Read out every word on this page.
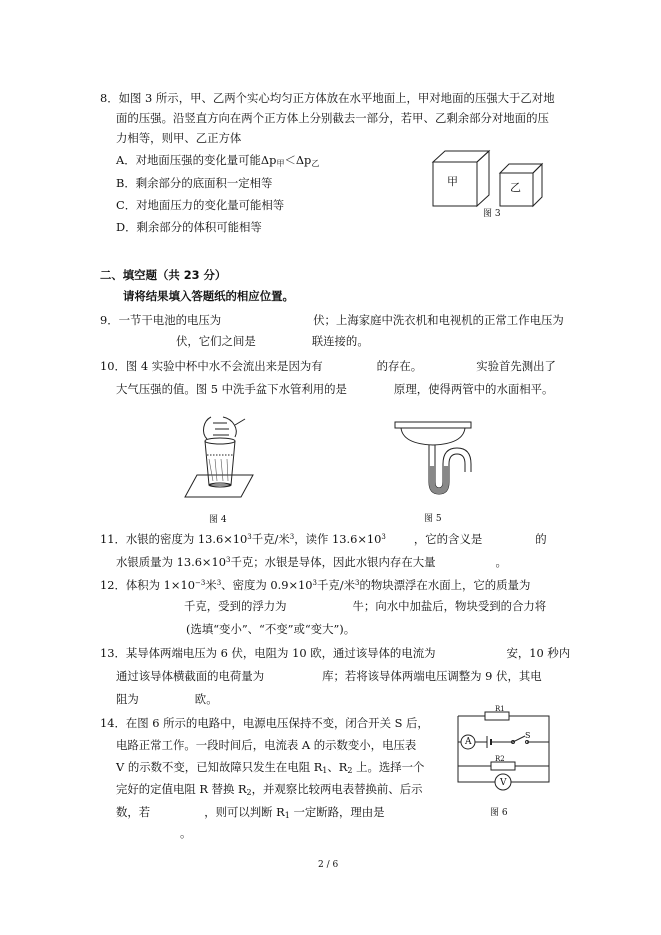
8．如图 3 所示，甲、乙两个实心均匀正方体放在水平地面上，甲对地面的压强大于乙对地
面的压强。沿竖直方向在两个正方体上分别截去一部分，若甲、乙剩余部分对地面的压
力相等，则甲、乙正方体
A．对地面压强的变化量可能$\Delta p_甲<\Delta p_乙$
B．剩余部分的底面积一定相等
C．对地面压力的变化量可能相等
D．剩余部分的体积可能相等
甲	乙
图 3
二、填空题（共 23 分）
请将结果填入答题纸的相应位置。
9．一节干电池的电压为	伏；上海家庭中洗衣机和电视机的正常工作电压为
伏，它们之间是	联连接的。
10．图 4 实验中杯中水不会流出来是因为有	的存在。	实验首先测出了
大气压强的值。图 5 中洗手盆下水管利用的是	原理，使得两管中的水面相平。
图 4	图 5
11．水银的密度为 $13.6\times 10^3$千克/米$^3$，读作 $13.6\times 10^3$ ，它的含义是	的
水银质量为 $13.6\times 10^3$千克；水银是导体，因此水银内存在大量	。
12．体积为 $1\times 10^{-3}$米$^3$、密度为 $0.9\times 10^3$千克/米$^3$的物块漂浮在水面上，它的质量为
千克，受到的浮力为	牛；向水中加盐后，物块受到的合力将
(选填“变小”、“不变”或“变大”)。
13．某导体两端电压为 6 伏，电阻为 10 欧，通过该导体的电流为	安，10 秒内
通过该导体横截面的电荷量为	库；若将该导体两端电压调整为 9 伏，其电
阻为	欧。
14．在图 6 所示的电路中，电源电压保持不变，闭合开关 S 后，
电路正常工作。一段时间后，电流表 A 的示数变小，电压表
V 的示数不变，已知故障只发生在电阻 $R_1$、$R_2$ 上。选择一个
完好的定值电阻 R 替换 $R_2$，并观察比较两电表替换前、后示
数，若	，则可以判断 $R_1$ 一定断路，理由是
。
R1
A
S
R2
V
图 6
2 / 6
